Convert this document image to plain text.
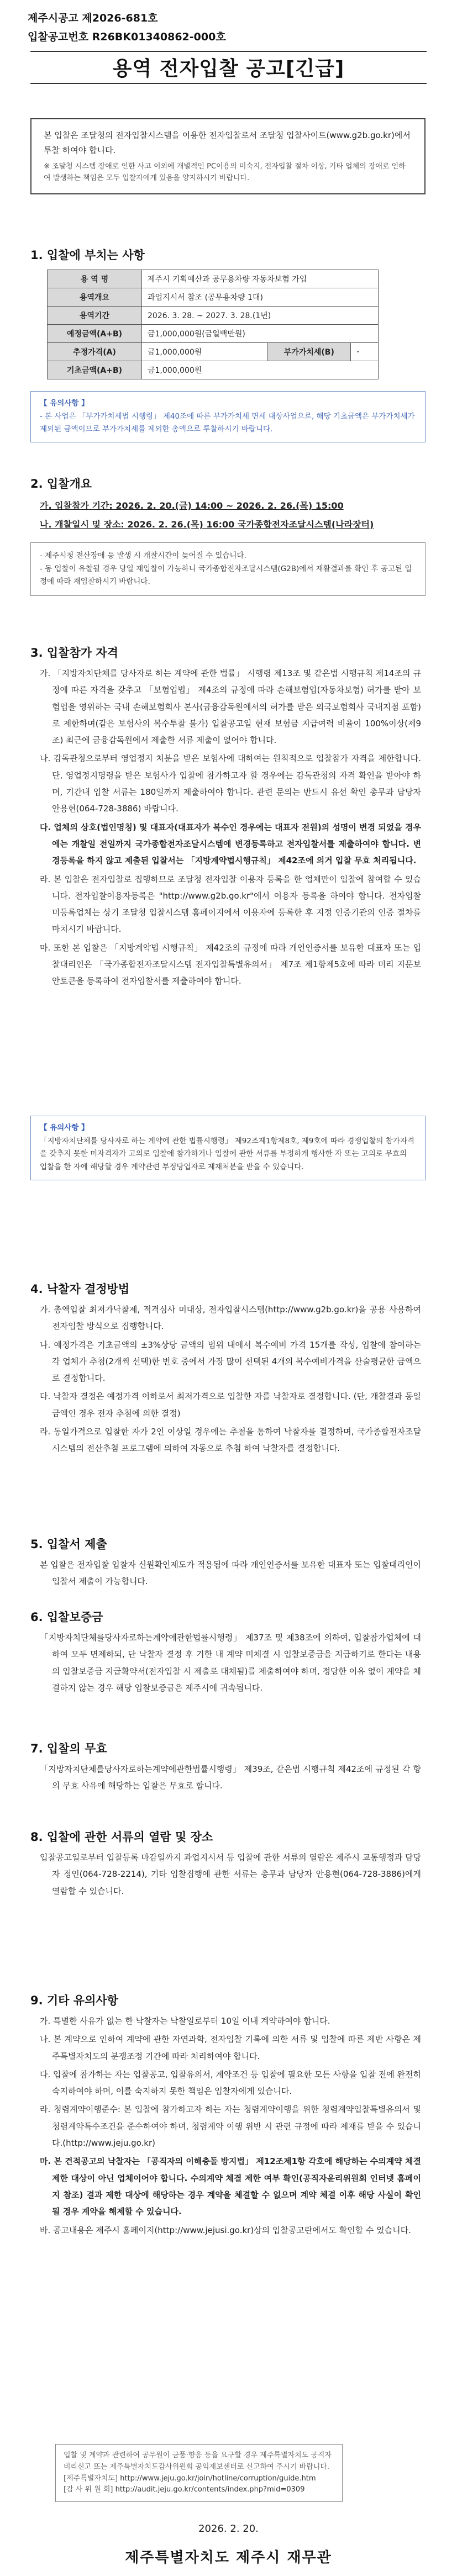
제주시공고 제2026-681호
입찰공고번호 R26BK01340862-000호
용역 전자입찰 공고[긴급]
본 입찰은 조달청의 전자입찰시스템을 이용한 전자입찰로서 조달청 입찰사이트(www.g2b.go.kr)에서 투찰 하여야 합니다.
※ 조달청 시스템 장애로 인한 사고 이외에 개별적인 PC이용의 미숙지, 전자입찰 절차 이상, 기타 업체의 장애로 인하여 발생하는 책임은 모두 입찰자에게 있음을 양지하시기 바랍니다.
1. 입찰에 부치는 사항
용 역 명	제주시 기획예산과 공무용차량 자동차보험 가입		
용역개요	과업지시서 참조 (공무용차량 1대)		
용역기간	2026. 3. 28. ~ 2027. 3. 28.(1년)		
예정금액(A+B)	금1,000,000원(금일백만원)		
추정가격(A)	금1,000,000원	부가가치세(B)	-
기초금액(A+B)	금1,000,000원		
【 유의사항 】
- 본 사업은 「부가가치세법 시행령」 제40조에 따른 부가가치세 면세 대상사업으로, 해당 기초금액은 부가가치세가 제외된 금액이므로 부가가치세를 제외한 총액으로 투찰하시기 바랍니다.
2. 입찰개요
가. 입찰참가 기간: 2026. 2. 20.(금) 14:00 ~ 2026. 2. 26.(목) 15:00
나. 개찰일시 및 장소: 2026. 2. 26.(목) 16:00 국가종합전자조달시스템(나라장터)
- 제주시청 전산장애 등 발생 시 개찰시간이 늦어질 수 있습니다.
- 동 입찰이 유찰될 경우 당일 재입찰이 가능하니 국가종합전자조달시스템(G2B)에서 재활결과를 확인 후 공고된 일정에 따라 재입찰하시기 바랍니다.
3. 입찰참가 자격

가. 「지방자치단체를 당사자로 하는 계약에 관한 법률」 시행령 제13조 및 같은법 시행규칙 제14조의 규정에 따른 자격을 갖추고 「보험업법」 제4조의 규정에 따라 손해보험업(자동차보험) 허가를 받아 보험업을 영위하는 국내 손해보험회사 본사(금융감독원에서의 허가를 받은 외국보험회사 국내지점 포함)로 제한하며(같은 보험사의 복수투찰 불가) 입찰공고일 현재 보험금 지급여력 비율이 100%이상(제9조) 최근에 금융감독원에서 제출한 서류 제출이 없어야 합니다.

나. 감독관청으로부터 영업정지 처분을 받은 보험사에 대하여는 원칙적으로 입찰참가 자격을 제한합니다. 단, 영업정지명령을 받은 보험사가 입찰에 참가하고자 할 경우에는 감독관청의 자격 확인을 받아야 하며, 기간내 입찰 서류는 180일까지 제출하여야 합니다. 관련 문의는 반드시 유선 확인 총무과 담당자 안용현(064-728-3886) 바랍니다.

다. 업체의 상호(법인명칭) 및 대표자(대표자가 복수인 경우에는 대표자 전원)의 성명이 변경 되었을 경우에는 개찰일 전일까지 국가종합전자조달시스템에 변경등록하고 전자입찰서를 제출하여야 합니다. 변경등록을 하지 않고 제출된 입찰서는 「지방계약법시행규칙」 제42조에 의거 입찰 무효 처리됩니다.

라. 본 입찰은 전자입찰로 집행하므로 조달청 전자입찰 이용자 등록을 한 업체만이 입찰에 참여할 수 있습니다. 전자입찰이용자등록은 "http://www.g2b.go.kr"에서 이용자 등록을 하여야 합니다. 전자입찰 미등록업체는 상기 조달청 입찰시스템 홈페이지에서 이용자에 등록한 후 지정 인증기관의 인증 절차를 마치시기 바랍니다.

마. 또한 본 입찰은 「지방계약법 시행규칙」 제42조의 규정에 따라 개인인증서를 보유한 대표자 또는 입찰대리인은 「국가종합전자조달시스템 전자입찰특별유의서」 제7조 제1항제5호에 따라 미리 지문보안토큰을 등록하여 전자입찰서를 제출하여야 합니다.

【 유의사항 】
「지방자치단체를 당사자로 하는 계약에 관한 법률시행령」 제92조제1항제8호, 제9호에 따라 경쟁입찰의 참가자격을 갖추지 못한 미자격자가 고의로 입찰에 참가하거나 입찰에 관한 서류를 부정하게 행사한 자 또는 고의로 무효의 입찰을 한 자에 해당할 경우 계약관련 부정당업자로 제재처분을 받을 수 있습니다.
4. 낙찰자 결정방법

가. 총액입찰 최저가낙찰제, 적격심사 미대상, 전자입찰시스템(http://www.g2b.go.kr)을 공용 사용하여 전자입찰 방식으로 집행합니다.

나. 예정가격은 기초금액의 ±3%상당 금액의 범위 내에서 복수예비 가격 15개를 작성, 입찰에 참여하는 각 업체가 추첨(2개씩 선택)한 번호 중에서 가장 많이 선택된 4개의 복수예비가격을 산술평균한 금액으로 결정합니다.

다. 낙찰자 결정은 예정가격 이하로서 최저가격으로 입찰한 자를 낙찰자로 결정합니다. (단, 개찰결과 동일금액인 경우 전자 추첨에 의한 결정)

라. 동일가격으로 입찰한 자가 2인 이상일 경우에는 추첨을 통하여 낙찰자를 결정하며, 국가종합전자조달시스템의 전산추첨 프로그램에 의하여 자동으로 추첨 하여 낙찰자를 결정합니다.

5. 입찰서 제출

본 입찰은 전자입찰 입찰자 신원확인제도가 적용됨에 따라 개인인증서를 보유한 대표자 또는 입찰대리인이 입찰서 제출이 가능합니다.

6. 입찰보증금

「지방자치단체를당사자로하는계약에관한법률시행령」 제37조 및 제38조에 의하여, 입찰참가업체에 대하여 모두 면제하되, 단 낙찰자 결정 후 기한 내 계약 미체결 시 입찰보증금을 지급하기로 한다는 내용의 입찰보증금 지급확약서(전자입찰 시 제출로 대체됨)를 제출하여야 하며, 정당한 이유 없이 계약을 체결하지 않는 경우 해당 입찰보증금은 제주시에 귀속됩니다.

7. 입찰의 무효

「지방자치단체를당사자로하는계약에관한법률시행령」 제39조, 같은법 시행규칙 제42조에 규정된 각 항의 무효 사유에 해당하는 입찰은 무효로 합니다.

8. 입찰에 관한 서류의 열람 및 장소

입찰공고일로부터 입찰등록 마감일까지 과업지시서 등 입찰에 관한 서류의 열람은 제주시 교통행정과 담당자 정인(064-728-2214), 기타 입찰집행에 관한 서류는 총무과 담당자 안용현(064-728-3886)에게 열람할 수 있습니다.

9. 기타 유의사항

가. 특별한 사유가 없는 한 낙찰자는 낙찰일로부터 10일 이내 계약하여야 합니다.

나. 본 계약으로 인하여 계약에 관한 자연과학, 전자입찰 기록에 의한 서류 및 입찰에 따른 제반 사항은 제주특별자치도의 분쟁조정 기간에 따라 처리하여야 합니다.

다. 입찰에 참가하는 자는 입찰공고, 입찰유의서, 계약조건 등 입찰에 필요한 모든 사항을 입찰 전에 완전히 숙지하여야 하며, 이를 숙지하지 못한 책임은 입찰자에게 있습니다.

라. 청렴계약이행준수: 본 입찰에 참가하고자 하는 자는 청렴계약이행을 위한 청렴계약입찰특별유의서 및 청렴계약특수조건을 준수하여야 하며, 청렴계약 이행 위반 시 관련 규정에 따라 제재를 받을 수 있습니다.(http://www.jeju.go.kr)

마. 본 견적공고의 낙찰자는 「공직자의 이해충돌 방지법」 제12조제1항 각호에 해당하는 수의계약 체결 제한 대상이 아닌 업체이어야 합니다. 수의계약 체결 제한 여부 확인(공직자윤리위원회 인터넷 홈페이지 참조) 결과 제한 대상에 해당하는 경우 계약을 체결할 수 없으며 계약 체결 이후 해당 사실이 확인될 경우 계약을 해제할 수 있습니다.

바. 공고내용은 제주시 홈페이지(http://www.jejusi.go.kr)상의 입찰공고란에서도 확인할 수 있습니다.

입찰 및 계약과 관련하여 공무원이 금품·향응 등을 요구할 경우 제주특별자치도 공직자비리신고 또는 제주특별자치도감사위원회 공익제보센터로 신고하여 주시기 바랍니다.
[제주특별자치도] http://www.jeju.go.kr/join/hotline/corruption/guide.htm
[감 사 위 원 회] http://audit.jeju.go.kr/contents/index.php?mid=0309
2026. 2. 20.
제주특별자치도 제주시 재무관
